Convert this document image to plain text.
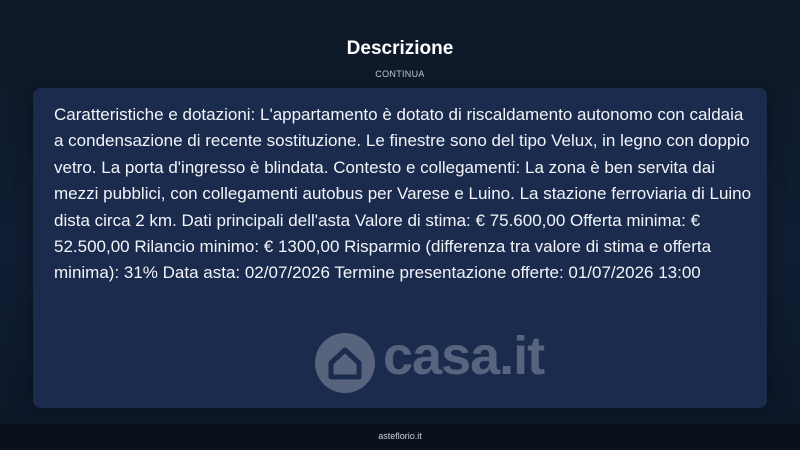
Descrizione
CONTINUA

Caratteristiche e dotazioni: L'appartamento è dotato di riscaldamento autonomo con caldaia a condensazione di recente sostituzione. Le finestre sono del tipo Velux, in legno con doppio vetro. La porta d'ingresso è blindata. Contesto e collegamenti: La zona è ben servita dai mezzi pubblici, con collegamenti autobus per Varese e Luino. La stazione ferroviaria di Luino dista circa 2 km. Dati principali dell'asta Valore di stima: € 75.600,00 Offerta minima: € 52.500,00 Rilancio minimo: € 1300,00 Risparmio (differenza tra valore di stima e offerta minima): 31% Data asta: 02/07/2026 Termine presentazione offerte: 01/07/2026 13:00

casa.it
asteflorio.it
